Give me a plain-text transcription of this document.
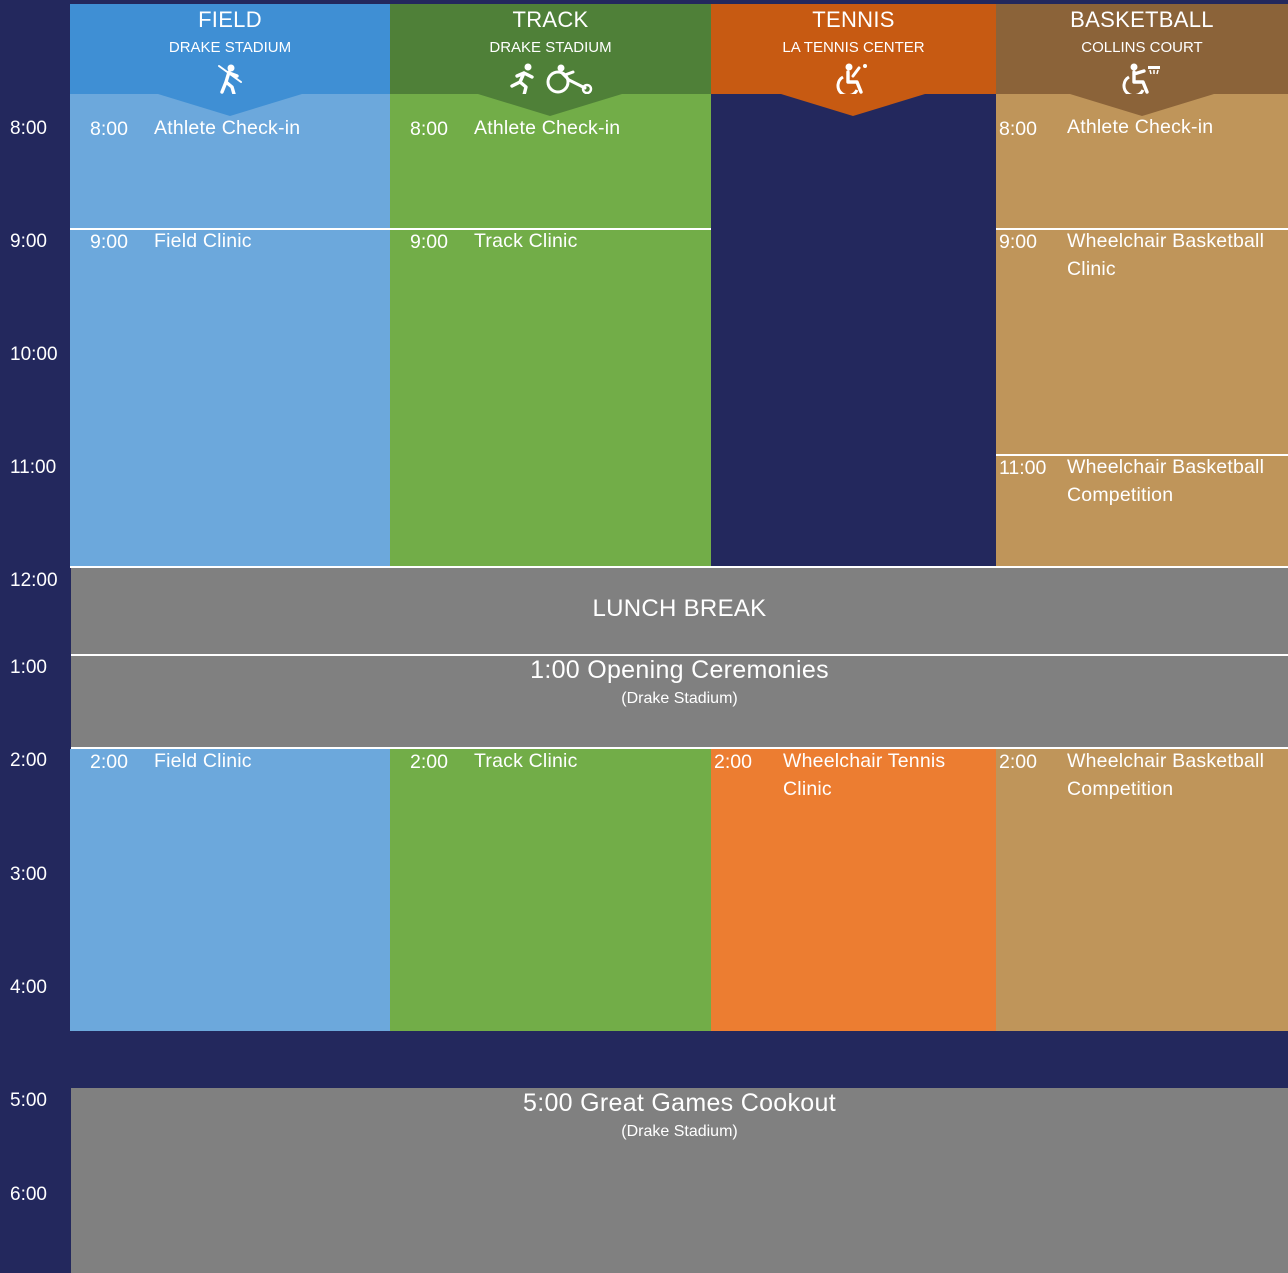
8:00
9:00
10:00
11:00
12:00
1:00
2:00
3:00
4:00
5:00
6:00
FIELD
DRAKE STADIUM
TRACK
DRAKE STADIUM

TENNIS
LA TENNIS CENTER
BASKETBALL
COLLINS COURT
8:00 Athlete Check-in
9:00 Field Clinic
8:00 Athlete Check-in
9:00 Track Clinic
8:00 Athlete Check-in
9:00 Wheelchair Basketball Clinic
11:00 Wheelchair Basketball Competition
LUNCH BREAK
1:00 Opening Ceremonies
(Drake Stadium)
2:00 Field Clinic	2:00 Track Clinic	2:00 Wheelchair Tennis Clinic
2:00 Wheelchair Basketball Competition
5:00 Great Games Cookout
(Drake Stadium)
